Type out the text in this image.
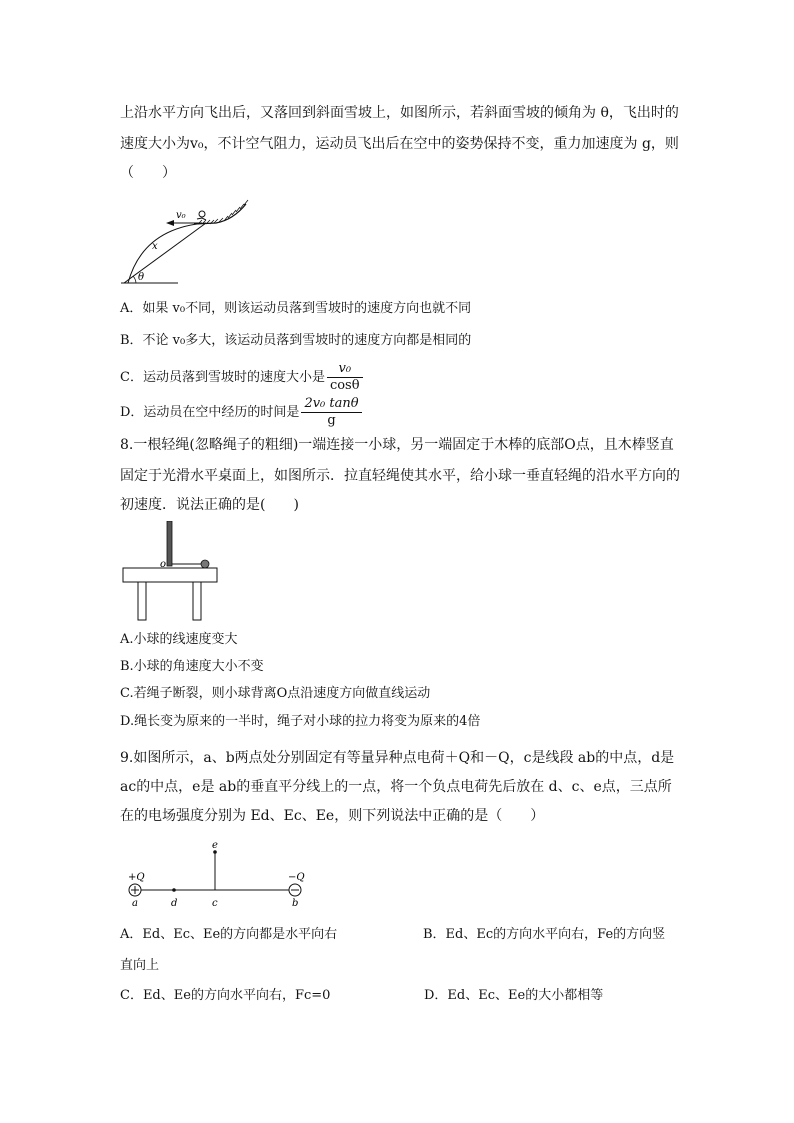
上沿水平方向飞出后，又落回到斜面雪坡上，如图所示，若斜面雪坡的倾角为 θ，飞出时的
速度大小为v₀，不计空气阻力，运动员飞出后在空中的姿势保持不变，重力加速度为 g，则
（　　）
v₀
x
θ
A．如果 v₀不同，则该运动员落到雪坡时的速度方向也就不同
B．不论 v₀多大，该运动员落到雪坡时的速度方向都是相同的
C．运动员落到雪坡时的速度大小是 $\frac{\text{v₀}}{\cos\theta}$
D．运动员在空中经历的时间是 $\frac{\text{2v₀ tanθ}}{g}$
8.一根轻绳(忽略绳子的粗细)一端连接一小球，另一端固定于木棒的底部O点，且木棒竖直
固定于光滑水平桌面上，如图所示．拉直轻绳使其水平，给小球一垂直轻绳的沿水平方向的
初速度．说法正确的是(　　)
o
A.小球的线速度变大
B.小球的角速度大小不变
C.若绳子断裂，则小球背离O点沿速度方向做直线运动
D.绳长变为原来的一半时，绳子对小球的拉力将变为原来的4倍
9.如图所示，a、b两点处分别固定有等量异种点电荷＋Q和－Q，c是线段 ab的中点，d是
ac的中点，e是 ab的垂直平分线上的一点，将一个负点电荷先后放在 d、c、e点，三点所
在的电场强度分别为 Ed、Ec、Ee，则下列说法中正确的是（　　）
+Q	−Q
a	b
c
d
e
A．Ed、Ec、Ee的方向都是水平向右	B．Ed、Ec的方向水平向右，Fe的方向竖
直向上
C．Ed、Ee的方向水平向右，Fc=0	D．Ed、Ec、Ee的大小都相等
